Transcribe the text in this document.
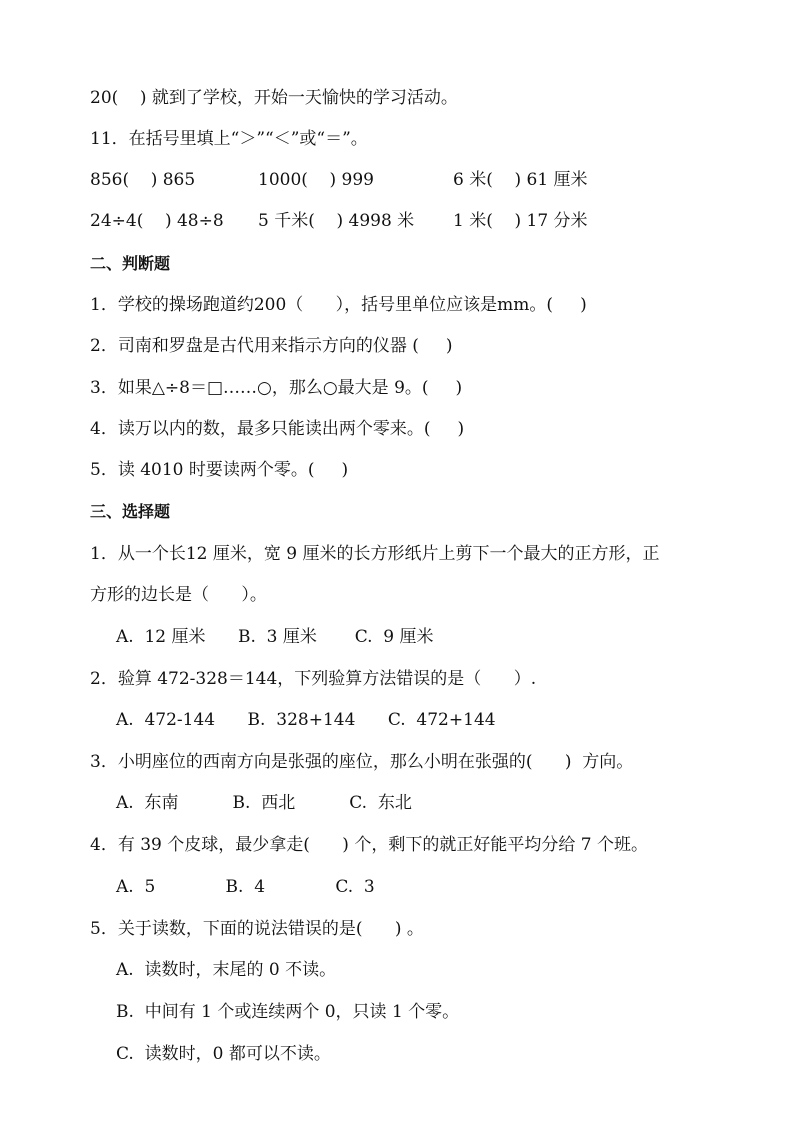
20(    ) 就到了学校，开始一天愉快的学习活动。
11．在括号里填上“＞”“＜”或“＝”。
856(    ) 865	1000(    ) 999	6 米(    ) 61 厘米
24÷4(    ) 48÷8 5 千米(    ) 4998 米 1 米(    ) 17 分米
二、判断题
1．学校的操场跑道约200（      ），括号里单位应该是mm。(     )
2．司南和罗盘是古代用来指示方向的仪器 (     )
3．如果△÷8＝□……○，那么○最大是 9。(     )
4．读万以内的数，最多只能读出两个零来。(     )
5．读 4010 时要读两个零。(     )
三、选择题
1．从一个长12 厘米，宽 9 厘米的长方形纸片上剪下一个最大的正方形，正
方形的边长是（      ）。
A.  12 厘米      B.  3 厘米       C.  9 厘米
2．验算 472-328＝144，下列验算方法错误的是（      ）.
A.  472-144      B.  328+144      C.  472+144
3．小明座位的西南方向是张强的座位，那么小明在张强的(      )  方向。
A.  东南          B.  西北          C.  东北
4．有 39 个皮球，最少拿走(      ) 个，剩下的就正好能平均分给 7 个班。
A.  5             B.  4             C.  3
5．关于读数，下面的说法错误的是(      ) 。
A.  读数时，末尾的 0 不读。
B.  中间有 1 个或连续两个 0，只读 1 个零。
C.  读数时，0 都可以不读。
